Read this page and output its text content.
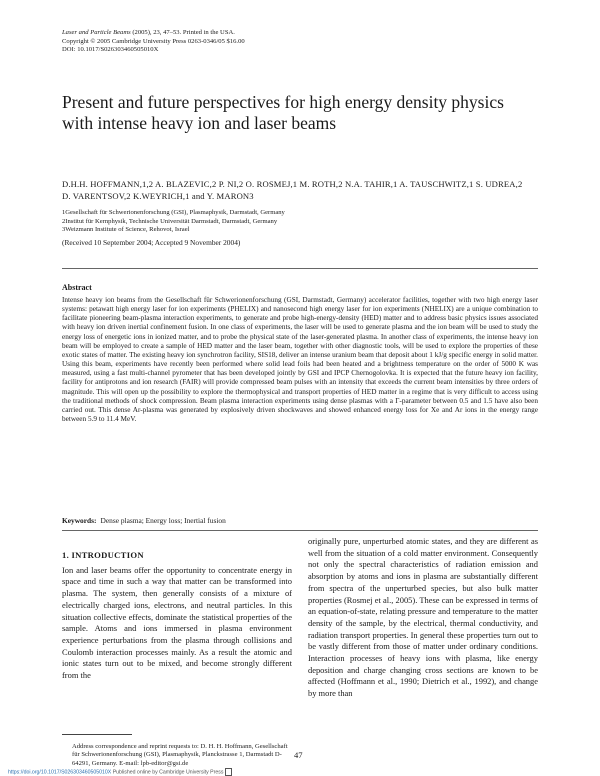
Laser and Particle Beams (2005), 23, 47–53. Printed in the USA.
Copyright © 2005 Cambridge University Press 0263-0346/05 $16.00
DOI: 10.1017/S026303460505010X
Present and future perspectives for high energy density physics with intense heavy ion and laser beams
D.H.H. HOFFMANN,1,2 A. BLAZEVIC,2 P. NI,2 O. ROSMEJ,1 M. ROTH,2 N.A. TAHIR,1 A. TAUSCHWITZ,1 S. UDREA,2 D. VARENTSOV,2 K.WEYRICH,1 and Y. MARON3
1Gesellschaft für Schwerionenforschung (GSI), Plasmaphysik, Darmstadt, Germany
2Institut für Kernphysik, Technische Universität Darmstadt, Darmstadt, Germany
3Weizmann Institute of Science, Rehovot, Israel
(Received 10 September 2004; Accepted 9 November 2004)
Abstract
Intense heavy ion beams from the Gesellschaft für Schwerionenforschung (GSI, Darmstadt, Germany) accelerator facilities, together with two high energy laser systems: petawatt high energy laser for ion experiments (PHELIX) and nanosecond high energy laser for ion experiments (NHELIX) are a unique combination to facilitate pioneering beam-plasma interaction experiments, to generate and probe high-energy-density (HED) matter and to address basic physics issues associated with heavy ion driven inertial confinement fusion. In one class of experiments, the laser will be used to generate plasma and the ion beam will be used to study the energy loss of energetic ions in ionized matter, and to probe the physical state of the laser-generated plasma. In another class of experiments, the intense heavy ion beam will be employed to create a sample of HED matter and the laser beam, together with other diagnostic tools, will be used to explore the properties of these exotic states of matter. The existing heavy ion synchrotron facility, SIS18, deliver an intense uranium beam that deposit about 1 kJ/g specific energy in solid matter. Using this beam, experiments have recently been performed where solid lead foils had been heated and a brightness temperature on the order of 5000 K was measured, using a fast multi-channel pyrometer that has been developed jointly by GSI and IPCP Chernogolovka. It is expected that the future heavy ion facility, facility for antiprotons and ion research (FAIR) will provide compressed beam pulses with an intensity that exceeds the current beam intensities by three orders of magnitude. This will open up the possibility to explore the thermophysical and transport properties of HED matter in a regime that is very difficult to access using the traditional methods of shock compression. Beam plasma interaction experiments using dense plasmas with a Γ-parameter between 0.5 and 1.5 have also been carried out. This dense Ar-plasma was generated by explosively driven shockwaves and showed enhanced energy loss for Xe and Ar ions in the energy range between 5.9 to 11.4 MeV.
Keywords: Dense plasma; Energy loss; Inertial fusion
1. INTRODUCTION
Ion and laser beams offer the opportunity to concentrate energy in space and time in such a way that matter can be transformed into plasma. The system, then generally consists of a mixture of electrically charged ions, electrons, and neutral particles. In this situation collective effects, dominate the statistical properties of the sample. Atoms and ions immersed in plasma environment experience perturbations from the plasma through collisions and Coulomb interaction processes mainly. As a result the atomic and ionic states turn out to be mixed, and become strongly different from the
originally pure, unperturbed atomic states, and they are different as well from the situation of a cold matter environment. Consequently not only the spectral characteristics of radiation emission and absorption by atoms and ions in plasma are substantially different from spectra of the unperturbed species, but also bulk matter properties (Rosmej et al., 2005). These can be expressed in terms of an equation-of-state, relating pressure and temperature to the matter density of the sample, by the electrical, thermal conductivity, and radiation transport properties. In general these properties turn out to be vastly different from those of matter under ordinary conditions. Interaction processes of heavy ions with plasma, like energy deposition and charge changing cross sections are known to be affected (Hoffmann et al., 1990; Dietrich et al., 1992), and change by more than
Address correspondence and reprint requests to: D. H. H. Hoffmann, Gesellschaft für Schwerionenforschung (GSI), Plasmaphysik, Planckstrasse 1, Darmstadt D-64291, Germany. E-mail: lpb-editor@gsi.de
47
https://doi.org/10.1017/S026303460505010X Published online by Cambridge University Press
